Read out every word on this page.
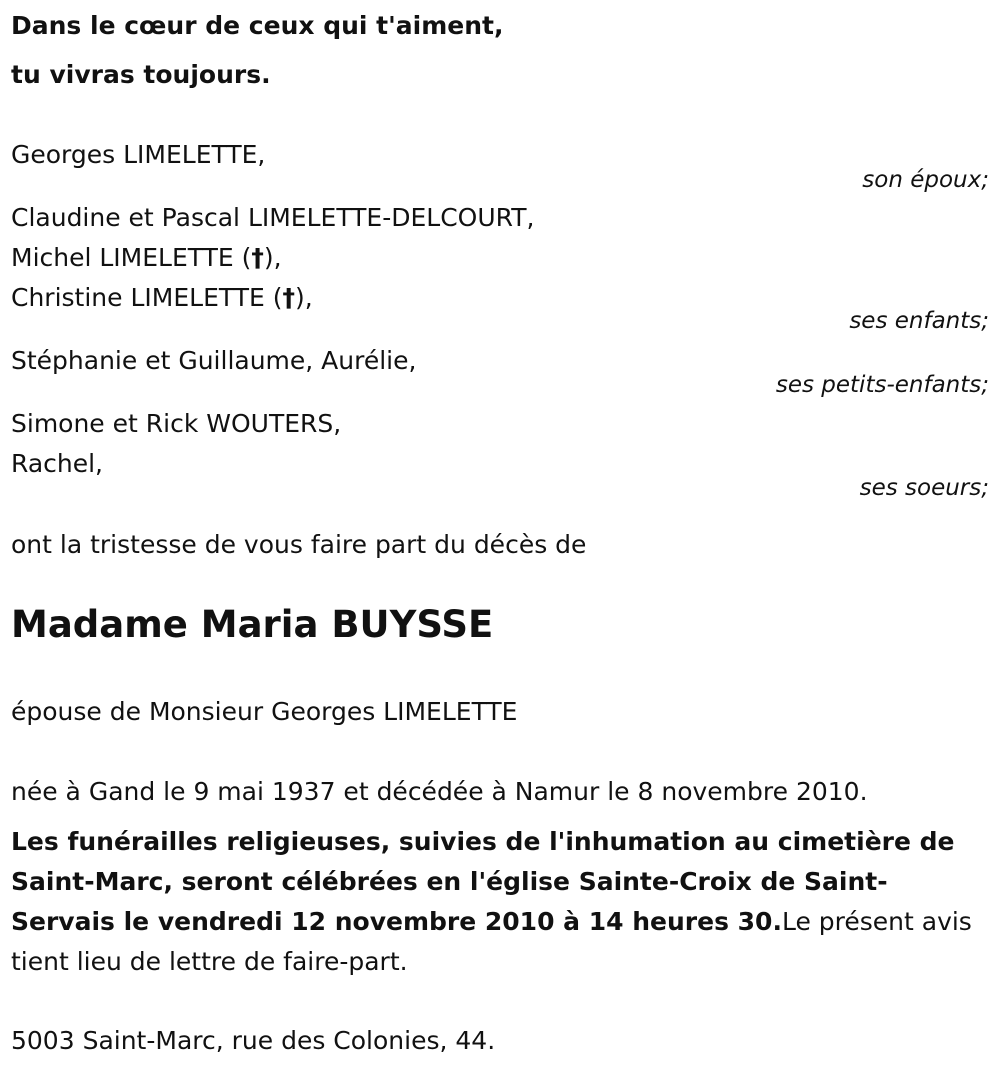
Dans le cœur de ceux qui t'aiment,
tu vivras toujours.
Georges LIMELETTE,
son époux;
Claudine et Pascal LIMELETTE-DELCOURT,
Michel LIMELETTE (†),
Christine LIMELETTE (†),
ses enfants;
Stéphanie et Guillaume, Aurélie,
ses petits-enfants;
Simone et Rick WOUTERS,
Rachel,
ses soeurs;
ont la tristesse de vous faire part du décès de
Madame Maria BUYSSE
épouse de Monsieur Georges LIMELETTE
née à Gand le 9 mai 1937 et décédée à Namur le 8 novembre 2010.
Les funérailles religieuses, suivies de l'inhumation au cimetière de Saint-Marc, seront célébrées en l'église Sainte-Croix de Saint-Servais le vendredi 12 novembre 2010 à 14 heures 30.Le présent avis tient lieu de lettre de faire-part.
5003 Saint-Marc, rue des Colonies, 44.
